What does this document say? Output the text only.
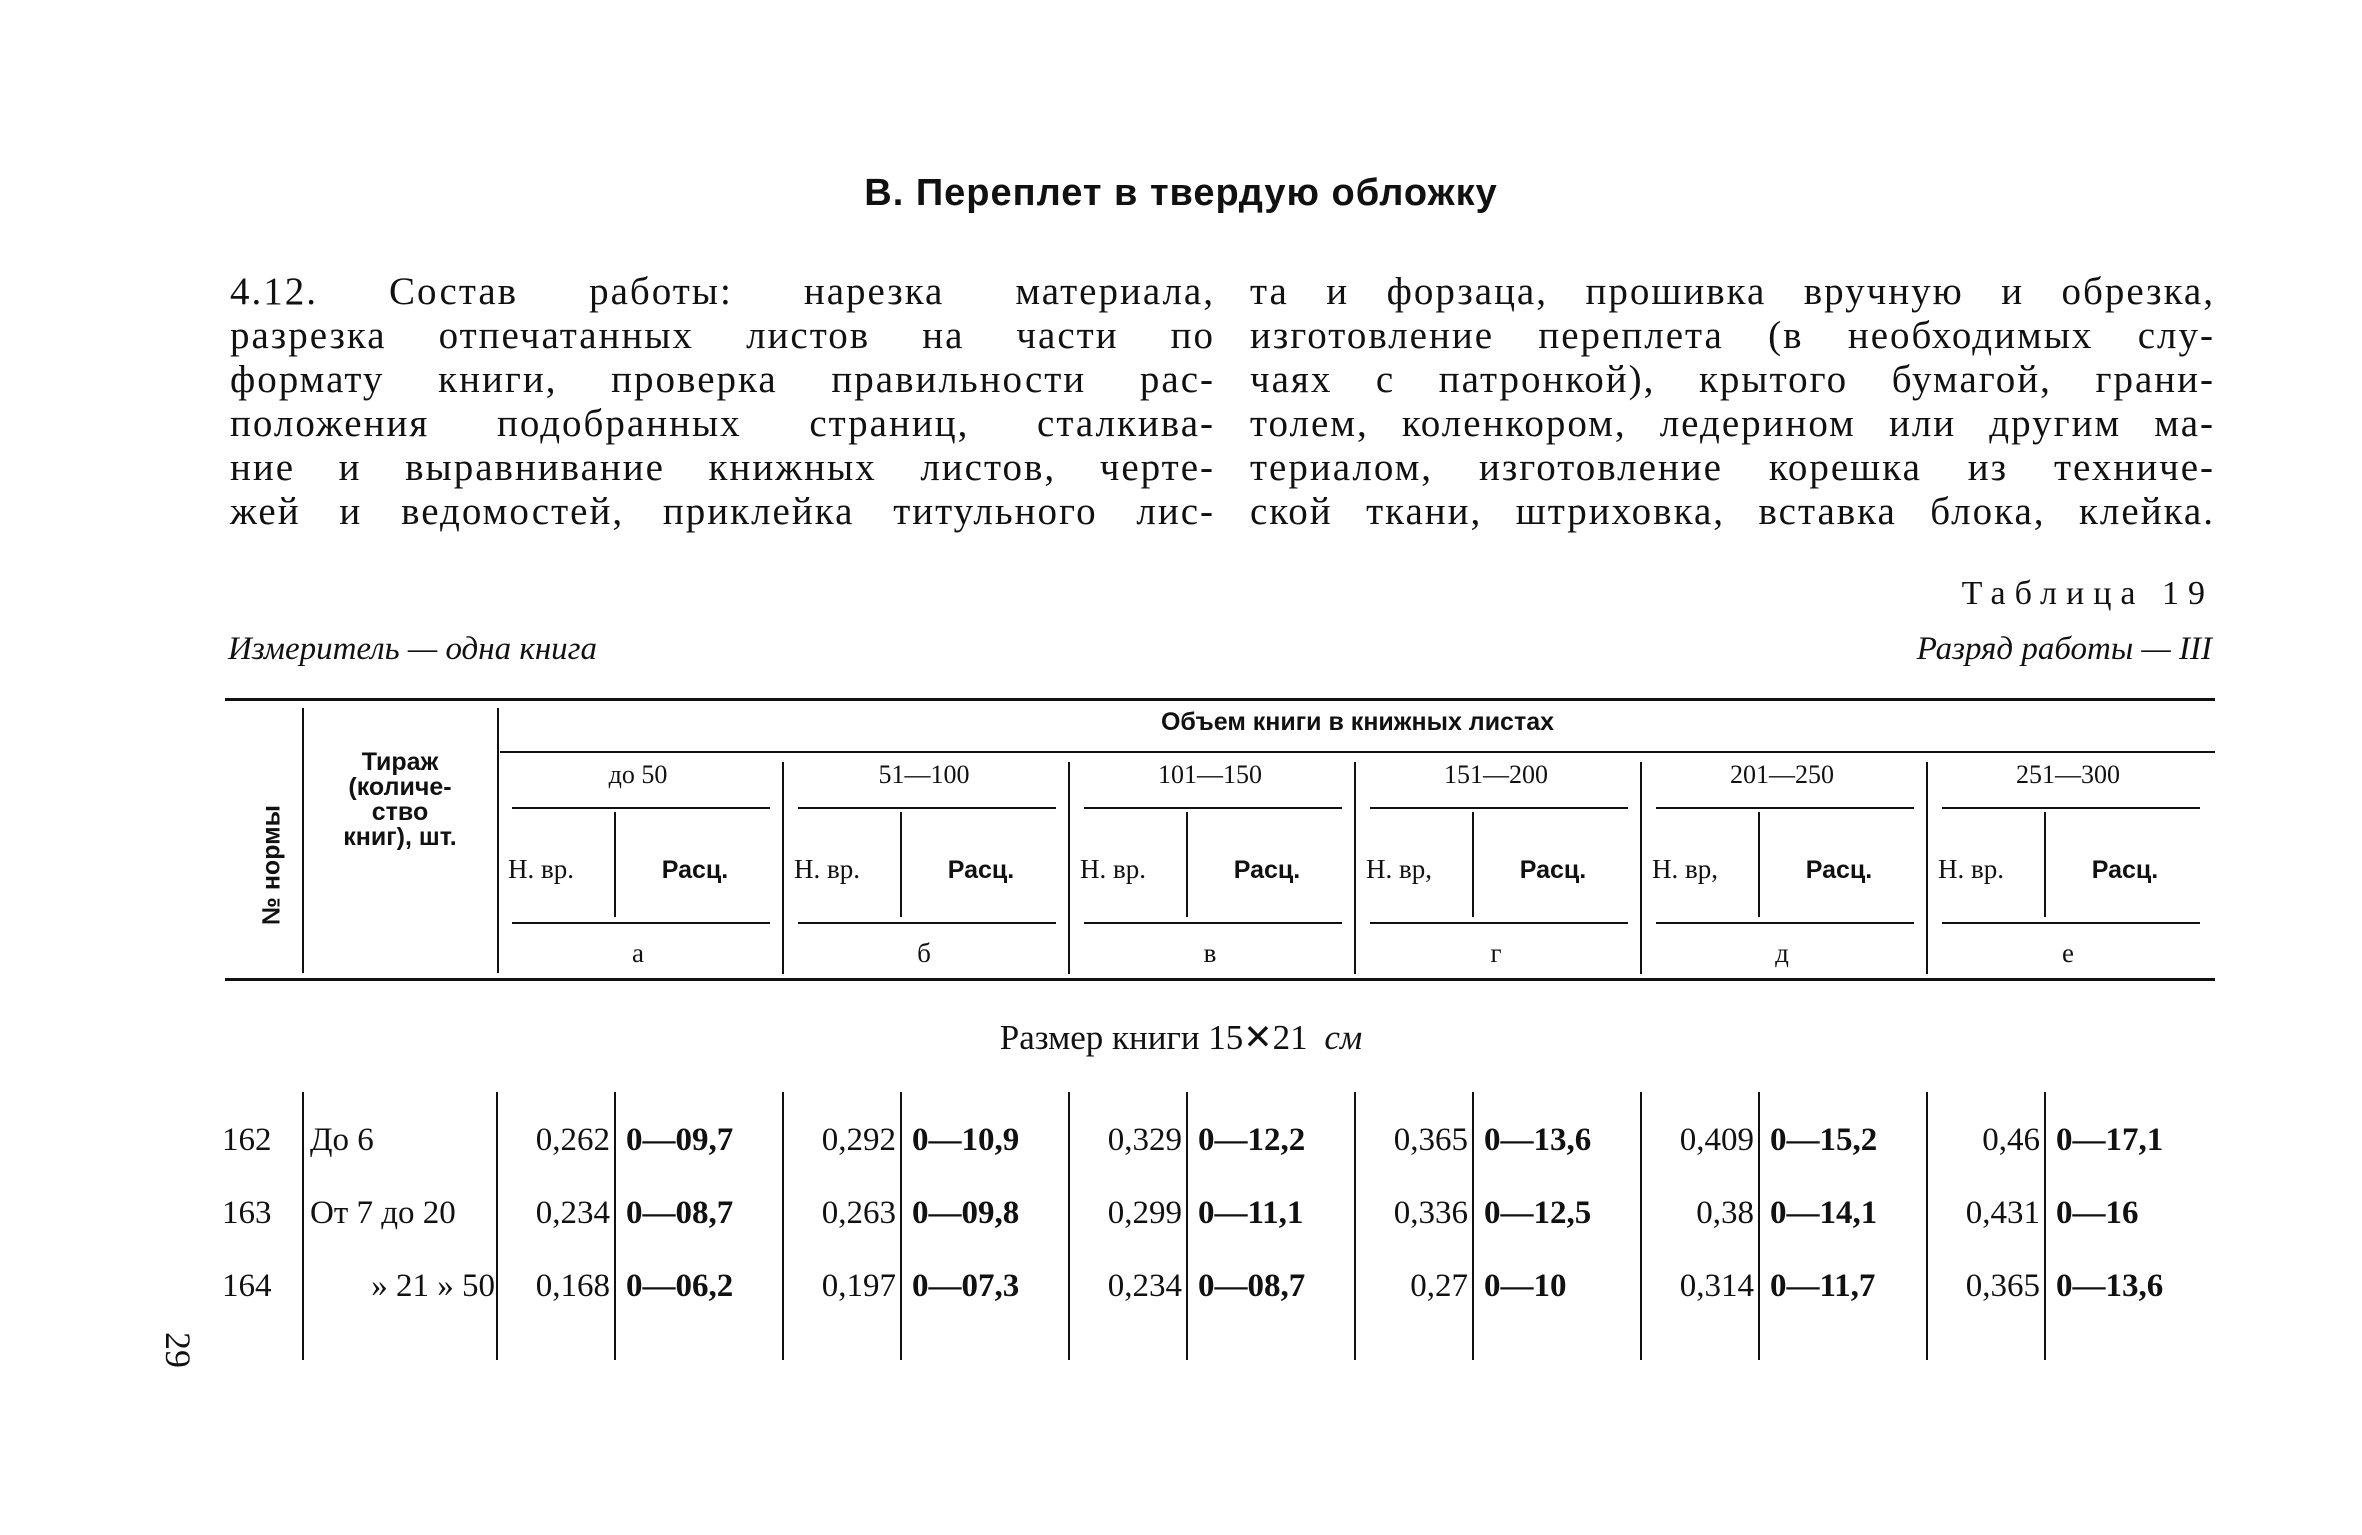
В. Переплет в твердую обложку
4.12. Состав работы: нарезка материала,
разрезка отпечатанных листов на части по
формату книги, проверка правильности рас-
положения подобранных страниц, сталкива-
ние и выравнивание книжных листов, черте-
жей и ведомостей, приклейка титульного лис-
та и форзаца, прошивка вручную и обрезка,
изготовление переплета (в необходимых слу-
чаях с патронкой), крытого бумагой, грани-
толем, коленкором, ледерином или другим ма-
териалом, изготовление корешка из техниче-
ской ткани, штриховка, вставка блока, клейка.
Таблица 19
Измеритель — одна книга	Разряд работы — III
№ нормы
Тираж
(количе-
ство
книг), шт.
Объем книги в книжных листах
до 50
Н. вр.	Расц.
а
51—100
Н. вр.	Расц.
б
101—150
Н. вр.	Расц.
в
151—200
Н. вр,	Расц.
г
201—250
Н. вр,	Расц.
д
251—300
Н. вр.	Расц.
е
Размер книги 15✕21 см
162	До 6	0,262 0—09,7	0,292 0—10,9	0,329 0—12,2	0,365 0—13,6	0,409 0—15,2	0,46 0—17,1
163	От 7 до 20	0,234 0—08,7	0,263 0—09,8	0,299 0—11,1	0,336 0—12,5	0,38 0—14,1	0,431 0—16
164	» 21 » 50	0,168 0—06,2	0,197 0—07,3	0,234 0—08,7	0,27 0—10	0,314 0—11,7	0,365 0—13,6
29
